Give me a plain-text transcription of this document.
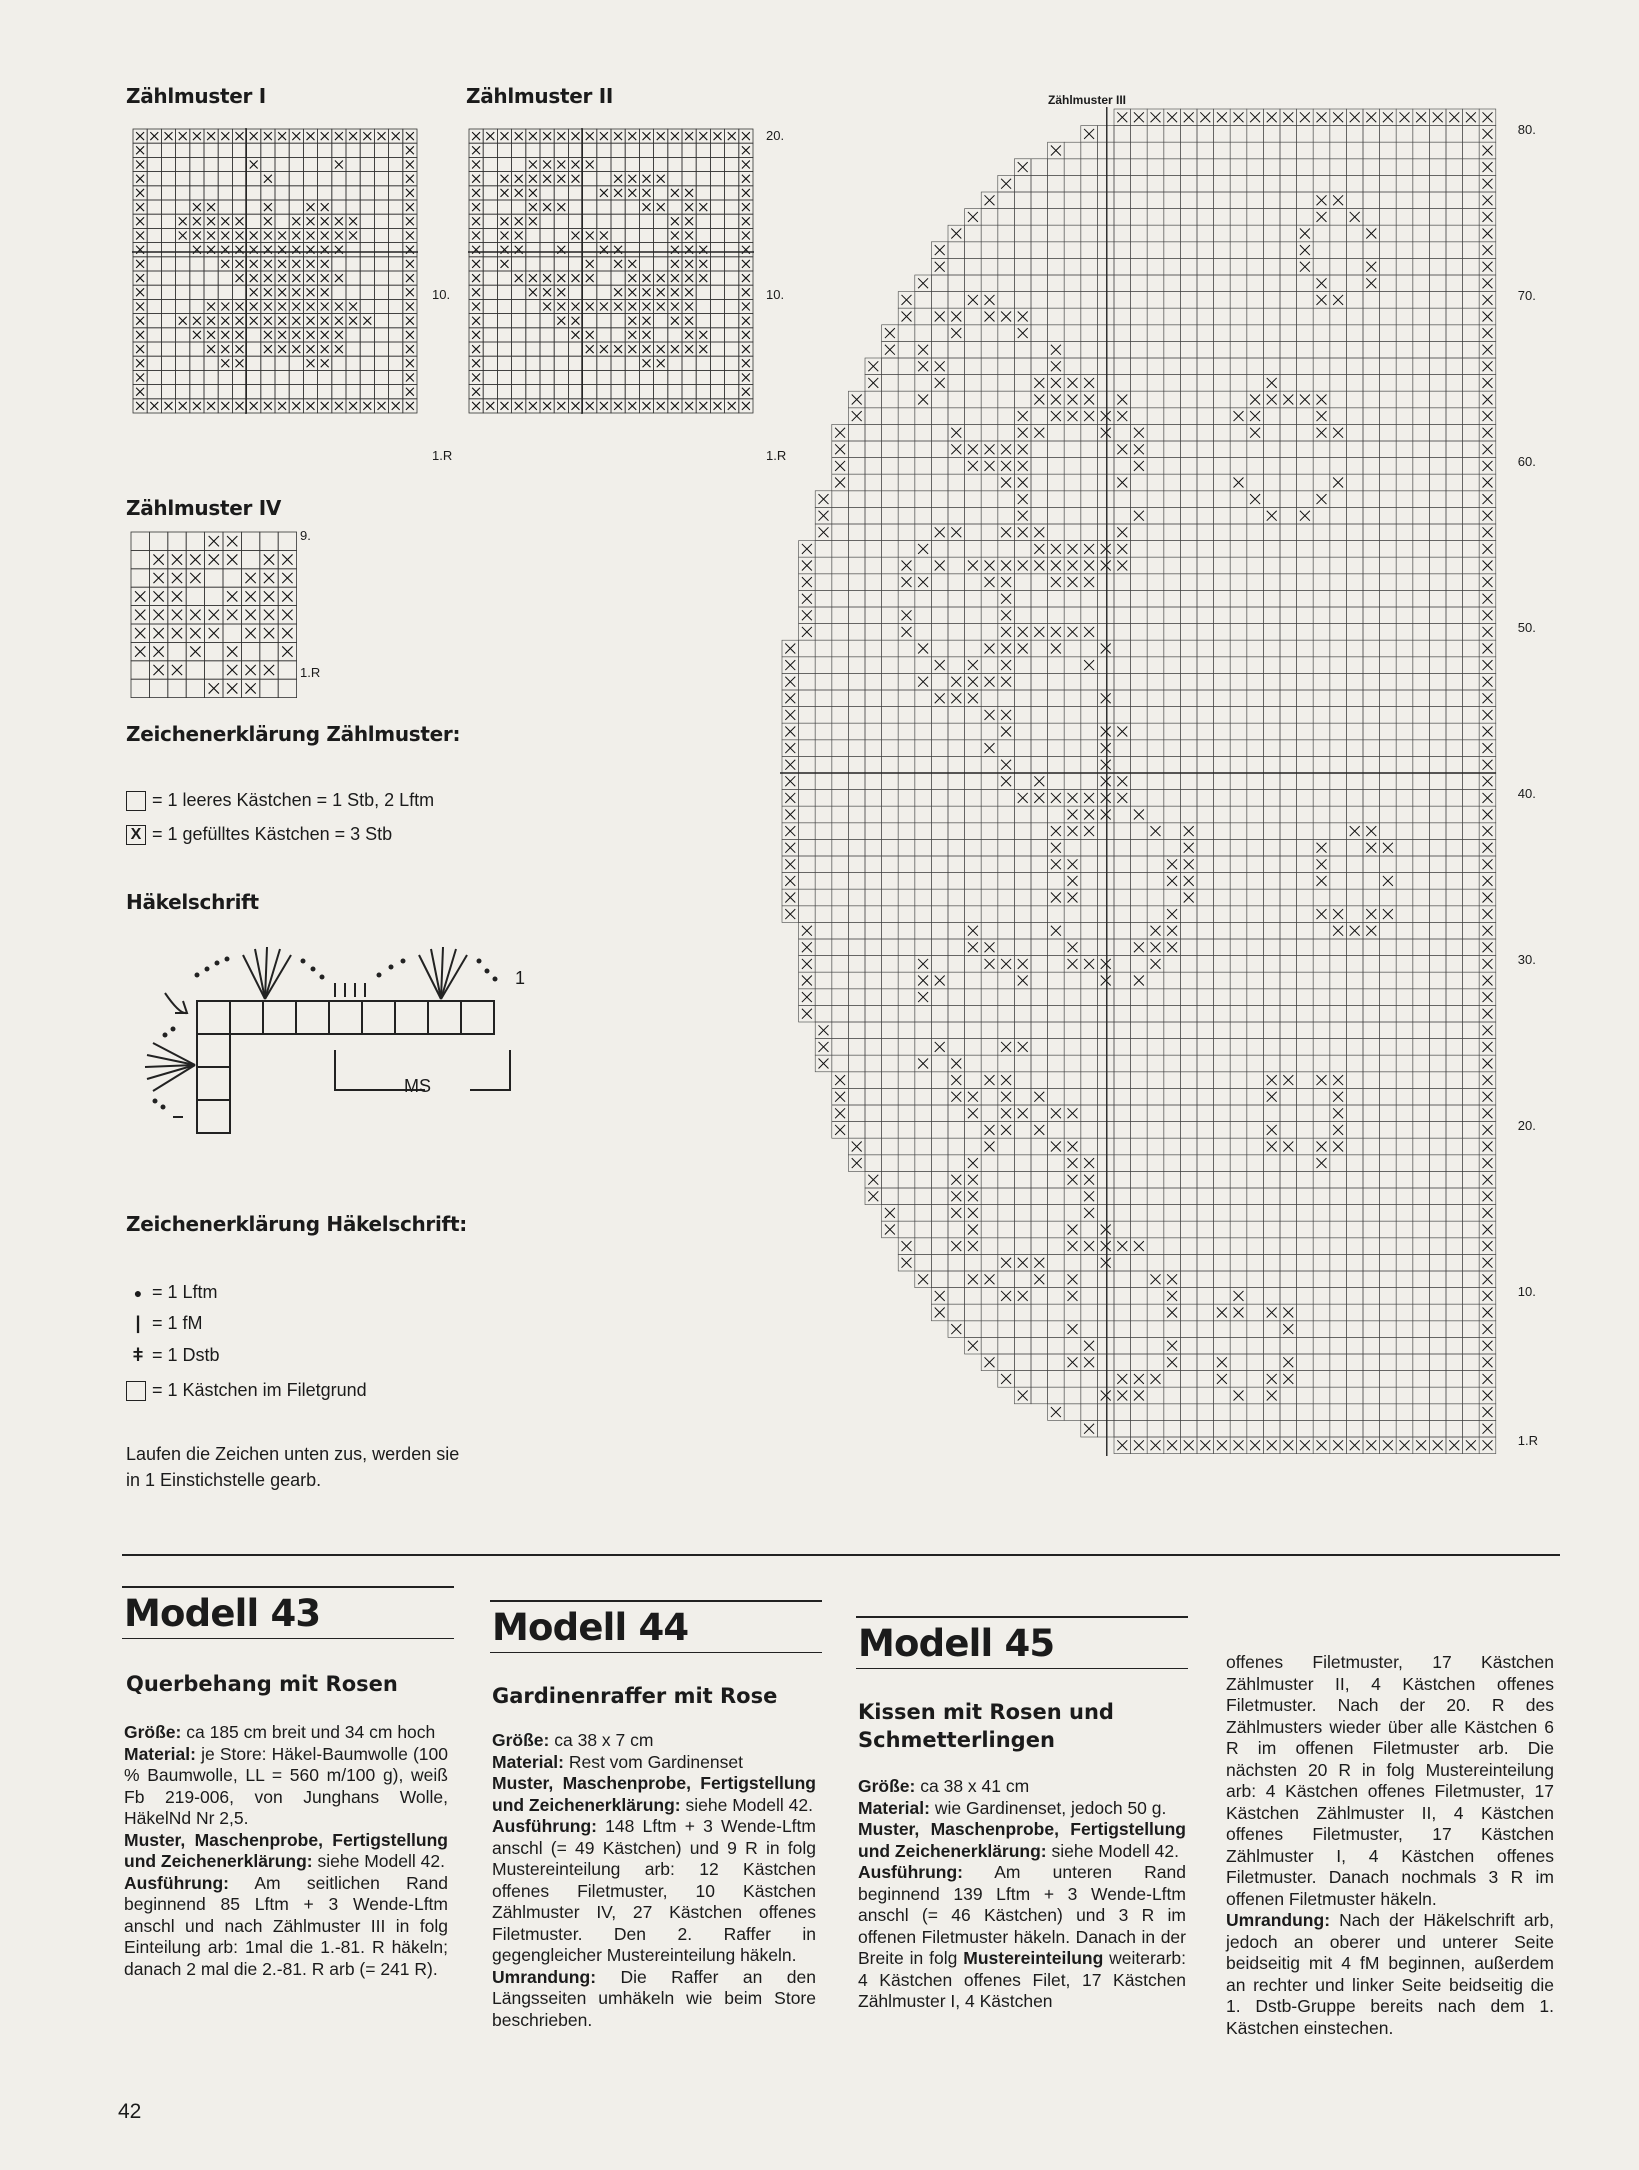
Zählmuster I
10.
1.R
Zählmuster II
20.
10.
1.R
Zählmuster IV
9.
1.R
Zeichenerklärung Zählmuster:
= 1 leeres Kästchen = 1 Stb, 2 Lftm
X = 1 gefülltes Kästchen = 3 Stb
Häkelschrift
MS
1
Zeichenerklärung Häkelschrift:
● = 1 Lftm
| = 1 fM
ǂ = 1 Dstb
= 1 Kästchen im Filetgrund
Laufen die Zeichen unten zus, werden sie in 1 Einstichstelle gearb.
Zählmuster III
80.
70.
60.
50.
40.
30.
20.
10.
1.R
Modell 43
Querbehang mit Rosen

Größe: ca 185 cm breit und 34 cm hoch

Material: je Store: Häkel-Baumwolle (100 % Baumwolle, LL = 560 m/100 g), weiß Fb 219-006, von Junghans Wolle, HäkelNd Nr 2,5.

Muster, Maschenprobe, Fertigstellung und Zeichenerklärung: siehe Modell 42.

Ausführung: Am seitlichen Rand beginnend 85 Lftm + 3 Wende-Lftm anschl und nach Zählmuster III in folg Einteilung arb: 1mal die 1.-81. R häkeln; danach 2 mal die 2.-81. R arb (= 241 R).

Modell 44
Gardinenraffer mit Rose

Größe: ca 38 x 7 cm

Material: Rest vom Gardinenset

Muster, Maschenprobe, Fertigstellung und Zeichenerklärung: siehe Modell 42.

Ausführung: 148 Lftm + 3 Wende-Lftm anschl (= 49 Kästchen) und 9 R in folg Mustereinteilung arb: 12 Kästchen offenes Filetmuster, 10 Kästchen Zählmuster IV, 27 Kästchen offenes Filetmuster. Den 2. Raffer in gegengleicher Mustereinteilung häkeln.

Umrandung: Die Raffer an den Längsseiten umhäkeln wie beim Store beschrieben.

Modell 45
Kissen mit Rosen und Schmetterlingen

Größe: ca 38 x 41 cm

Material: wie Gardinenset, jedoch 50 g.

Muster, Maschenprobe, Fertigstellung und Zeichenerklärung: siehe Modell 42.

Ausführung: Am unteren Rand beginnend 139 Lftm + 3 Wende-Lftm anschl (= 46 Kästchen) und 3 R im offenen Filetmuster häkeln. Danach in der Breite in folg Mustereinteilung weiterarb: 4 Kästchen offenes Filet, 17 Kästchen Zählmuster I, 4 Kästchen

offenes Filetmuster, 17 Kästchen Zählmuster II, 4 Kästchen offenes Filetmuster. Nach der 20. R des Zählmusters wieder über alle Kästchen 6 R im offenen Filetmuster arb. Die nächsten 20 R in folg Mustereinteilung arb: 4 Kästchen offenes Filetmuster, 17 Kästchen Zählmuster II, 4 Kästchen offenes Filetmuster, 17 Kästchen Zählmuster I, 4 Kästchen offenes Filetmuster. Danach nochmals 3 R im offenen Filetmuster häkeln.

Umrandung: Nach der Häkelschrift arb, jedoch an oberer und unterer Seite beidseitig mit 4 fM beginnen, außerdem an rechter und linker Seite beidseitig die 1. Dstb-Gruppe bereits nach dem 1. Kästchen einstechen.

42
